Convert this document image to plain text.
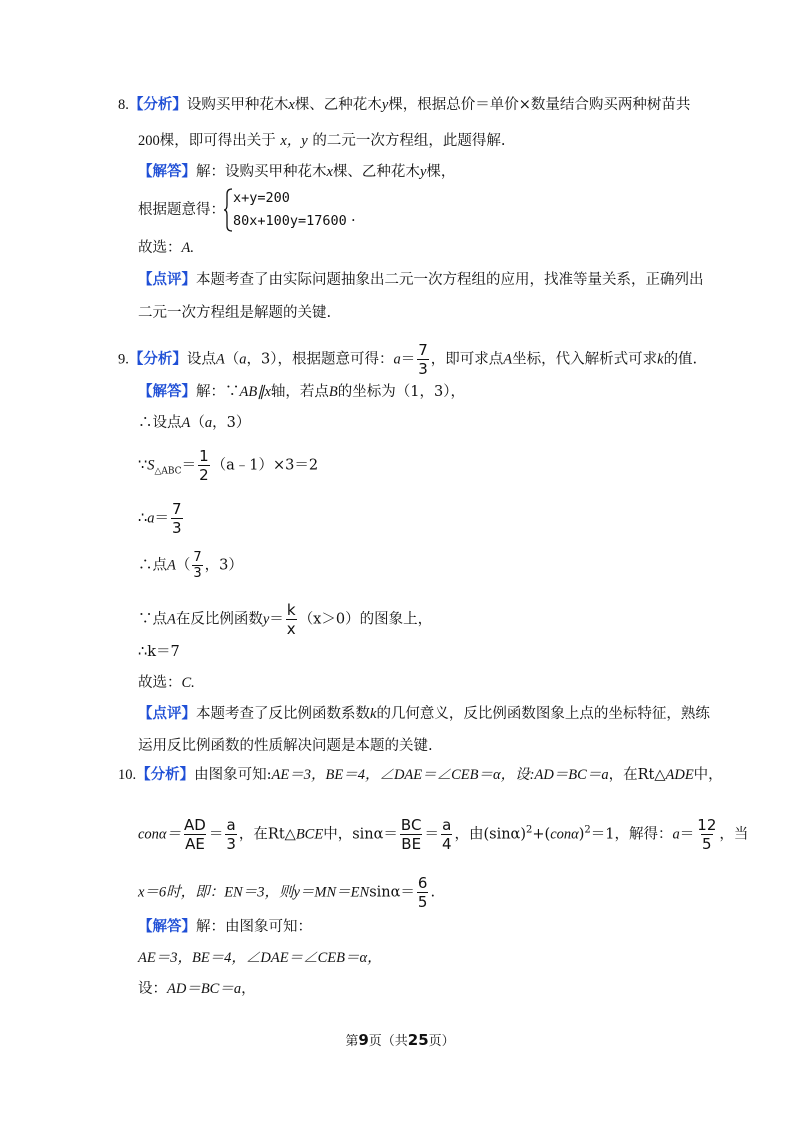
8.【分析】设购买甲种花木x棵、乙种花木y棵，根据总价＝单价×数量结合购买两种树苗共
200棵，即可得出关于 x，y 的二元一次方程组，此题得解.
【解答】解：设购买甲种花木x棵、乙种花木y棵，
根据题意得：
x+y=200
80x+100y=17600 .
故选：A.
【点评】本题考查了由实际问题抽象出二元一次方程组的应用，找准等量关系，正确列出
二元一次方程组是解题的关键.
9.【分析】设点A（a，3），根据题意可得：$a= \frac{7}{3}$ ，即可求点A坐标，代入解析式可求k的值.
【解答】解：∵AB∥x轴，若点B的坐标为（1，3），
∴设点A（a，3）
$\because S_{\triangle ABC}= \frac{1}{2}$ （a﹣1）×3＝2
∴a＝ $\frac{7}{3}$
∴点$A( \frac{7}{3}$ ，3）
∵点A在反比例函数$y= \frac{k}{x} (x>0)$的图象上，
∴k＝7
故选：C.
【点评】本题考查了反比例函数系数k的几何意义，反比例函数图象上点的坐标特征，熟练
运用反比例函数的性质解决问题是本题的关键.
10.【分析】由图象可知:AE＝3，BE＝4，∠DAE＝∠CEB＝α，设:AD＝BC＝a，在Rt△ADE中，
$con\alpha= \frac{AD}{AE} = \frac{a}{3}$ ，在Rt△BCE中，$\sin\alpha= \frac{BC}{BE} = \frac{a}{4}$ ，由$(\sin\alpha)^2+(con\alpha)^2=1$，解得：$a= \frac{12}{5}$ ，当
x＝6时，即：EN＝3，则$y=MN=ENsin\alpha= \frac{6}{5}$ .
【解答】解：由图象可知：
AE＝3，BE＝4，∠DAE＝∠CEB＝α，
设：AD＝BC＝a，
第9页（共25页）
